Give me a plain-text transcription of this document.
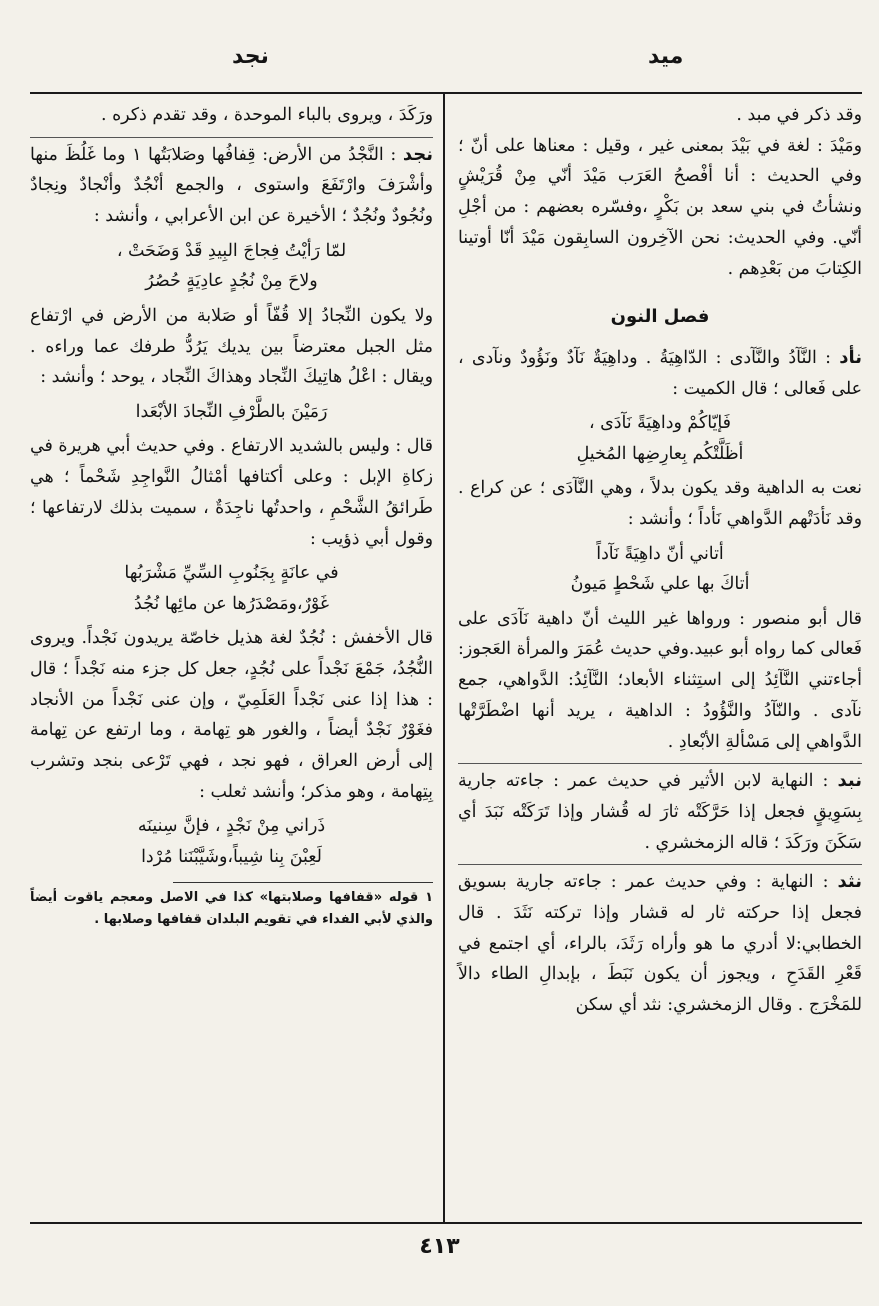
نجد	ميد

وقد ذكر في مبد .

ومَيْدَ : لغة في بَيْدَ بمعنى غير ، وقيل : معناها على أنّ ؛ وفي الحديث : أنا أفْصحُ العَرَب مَيْدَ أنّي مِنْ قُرَيْشٍ ونشأتُ في بني سعد بن بَكْرٍ ،وفسّره بعضهم : من أجْلِ أنّي. وفي الحديث: نحن الآخِرون السابِقون مَيْدَ أنّا أوتينا الكِتابَ من بَعْدِهم .

فصل النون

نأد : النَّآدُ والنَّآدى : الدّاهِيَةُ . وداهِيَةٌ نَآدٌ ونَؤُودٌ ونآدى ، على فَعالى ؛ قال الكميت :

فَإيّاكُمْ وداهِيَةً نَآدَى ،
أظَلَّتْكُم بِعارِضِها المُخيلِ

نعت به الداهية وقد يكون بدلاً ، وهي النَّآدَى ؛ عن كراع . وقد نَأدَتْهم الدَّواهي نَأداً ؛ وأنشد :

أتاني أنّ داهِيَةً نَآداً
أتاكَ بها علي شَحْطٍ مَيونُ

قال أبو منصور : ورواها غير الليث أنّ داهية نَآدَى على فَعالى كما رواه أبو عبيد.وفي حديث عُمَرَ والمرأة العَجوز: أجاءتني النَّآئِدُ إلى استِثناء الأبعاد؛ النَّآئِدُ: الدَّواهي، جمع نآدى . والنّآدُ والنَّؤُودُ : الداهية ، يريد أنها اضْطَرَّتْها الدَّواهي إلى مَسْألةِ الأبْعادِ .

نبد : النهاية لابن الأثير في حديث عمر : جاءته جارية بِسَوِيقٍ فجعل إذا حَرَّكَتْه ثارَ له قُشار وإذا تَرَكَتْه نَبَدَ أي سَكَنَ ورَكَدَ ؛ قاله الزمخشري .

نثد : النهاية : وفي حديث عمر : جاءته جارية بسويق فجعل إذا حركته ثار له قشار وإذا تركته نَثَدَ . قال الخطابي:لا أدري ما هو وأراه رَثَدَ، بالراء، أي اجتمع في قَعْرِ القَدَحِ ، ويجوز أن يكون نَبَطَ ، بإبدالِ الطاء دالاً للمَخْرَج . وقال الزمخشري: نثد أي سكن

ورَكَدَ ، ويروى بالباء الموحدة ، وقد تقدم ذكره .

نجد : النَّجْدُ من الأرض: قِفافُها وصَلابَتُها ١ وما غَلُظَ منها وأشْرَفَ وارْتَفَعَ واستوى ، والجمع أنْجُدٌ وأنْجادٌ ونِجادٌ ونُجُودٌ ونُجُدٌ ؛ الأخيرة عن ابن الأعرابي ، وأنشد :

لمّا رَأيْتُ فِجاجَ البِيدِ قَدْ وَضَحَتْ ،
ولاحَ مِنْ نُجُدٍ عادِيَةٍ حُصُرُ

ولا يكون النِّجادُ إلا قُفّاً أو صَلابة من الأرض في ارْتفاع مثل الجبل معترضاً بين يديك يَرُدُّ طرفك عما وراءه . ويقال : اعْلُ هاتِيكَ النِّجاد وهذاكَ النِّجاد ، يوحد ؛ وأنشد :

رَمَيْنَ بالطَّرْفِ النِّجادَ الأبْعَدا

قال : وليس بالشديد الارتفاع . وفي حديث أبي هريرة في زكاةِ الإبل : وعلى أكتافها أمْثالُ النَّواجِدِ شَحْماً ؛ هي طَرائقُ الشَّحْمِ ، واحدتُها ناجِدَةٌ ، سميت بذلك لارتفاعها ؛ وقول أبي ذؤيب :

في عانَةٍ بِجَنُوبِ السِّيِّ مَشْرَبُها
غَوْرٌ،ومَصْدَرُها عن مائِها نُجُدُ

قال الأخفش : نُجُدٌ لغة هذيل خاصّة يريدون نَجْداً. ويروى النُّجُدُ، جَمْعَ نَجْداً على نُجُدٍ، جعل كل جزء منه نَجْداً ؛ قال : هذا إذا عنى نَجْداً العَلَمِيّ ، وإن عنى نَجْداً من الأنجاد فغَوْرٌ نَجْدٌ أيضاً ، والغور هو تِهامة ، وما ارتفع عن تِهامة إلى أرض العراق ، فهو نجد ، فهي تَرْعى بنجد وتشرب بِتِهامة ، وهو مذكر؛ وأنشد ثعلب :

ذَراني مِنْ نَجْدٍ ، فإنَّ سِنينَه
لَعِبْنَ بِنا شِيباً،وشَيَّبْنَنا مُرْدا

١ قوله «قفافها وصلابتها» كذا في الاصل ومعجم ياقوت أيضاً والذي لأبي الفداء في تقويم البلدان قفافها وصلابها .

٤١٣
